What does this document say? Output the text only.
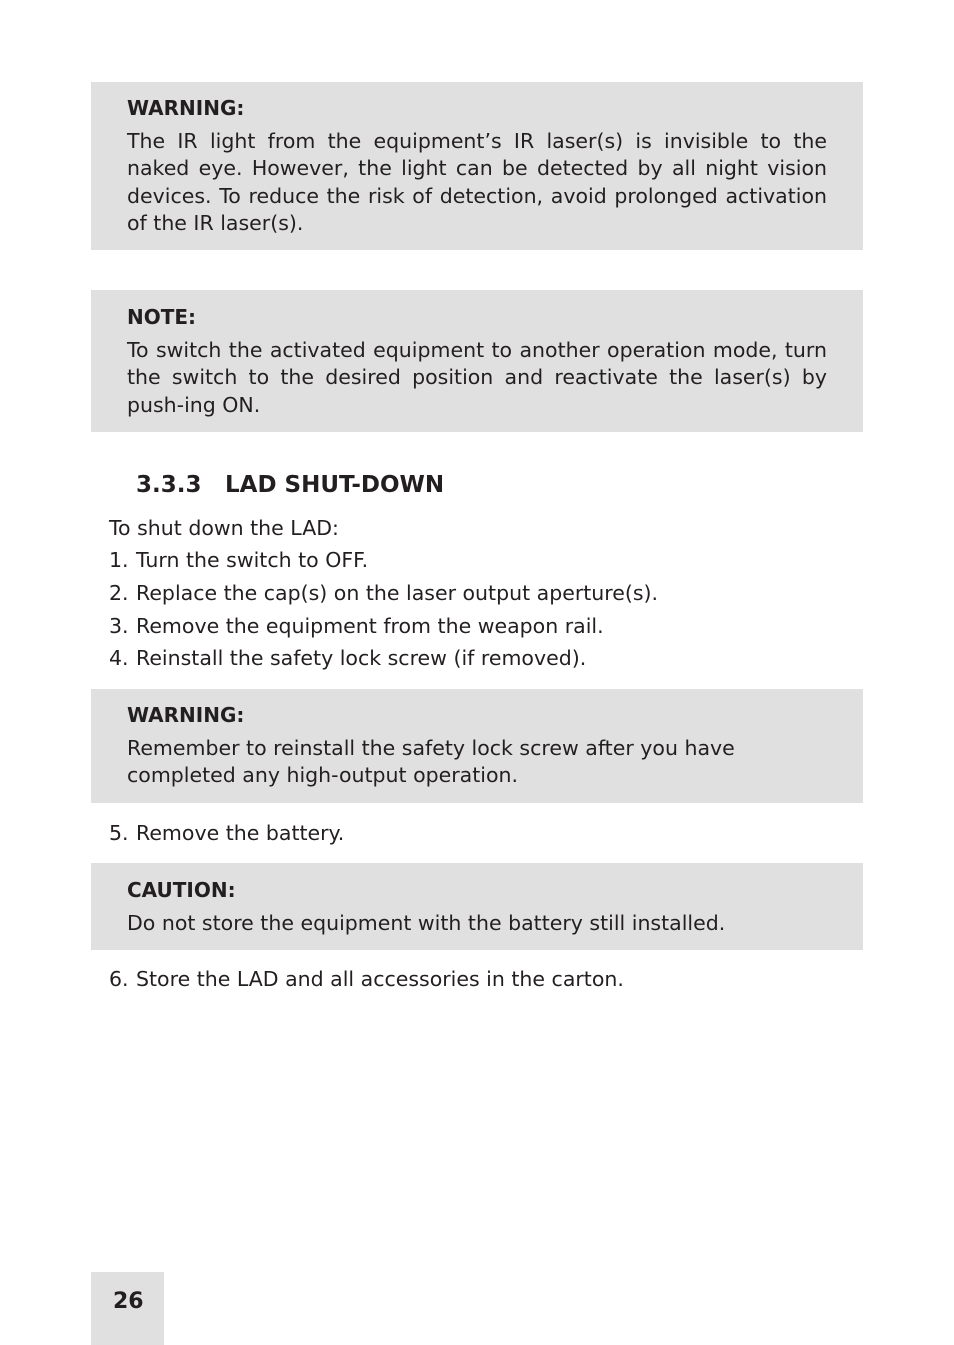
WARNING:

The IR light from the equipment’s IR laser(s) is invisible to the naked eye. However, the light can be detected by all night vision devices. To reduce the risk of detection, avoid prolonged activation of the IR laser(s).

NOTE:

To switch the activated equipment to another operation mode, turn the switch to the desired position and reactivate the laser(s) by push-ing ON.

3.3.3 LAD SHUT-DOWN

To shut down the LAD:

1. Turn the switch to OFF.

2. Replace the cap(s) on the laser output aperture(s).

3. Remove the equipment from the weapon rail.

4. Reinstall the safety lock screw (if removed).

WARNING:

Remember to reinstall the safety lock screw after you have completed any high-output operation.

5. Remove the battery.

CAUTION:

Do not store the equipment with the battery still installed.

6. Store the LAD and all accessories in the carton.

26
